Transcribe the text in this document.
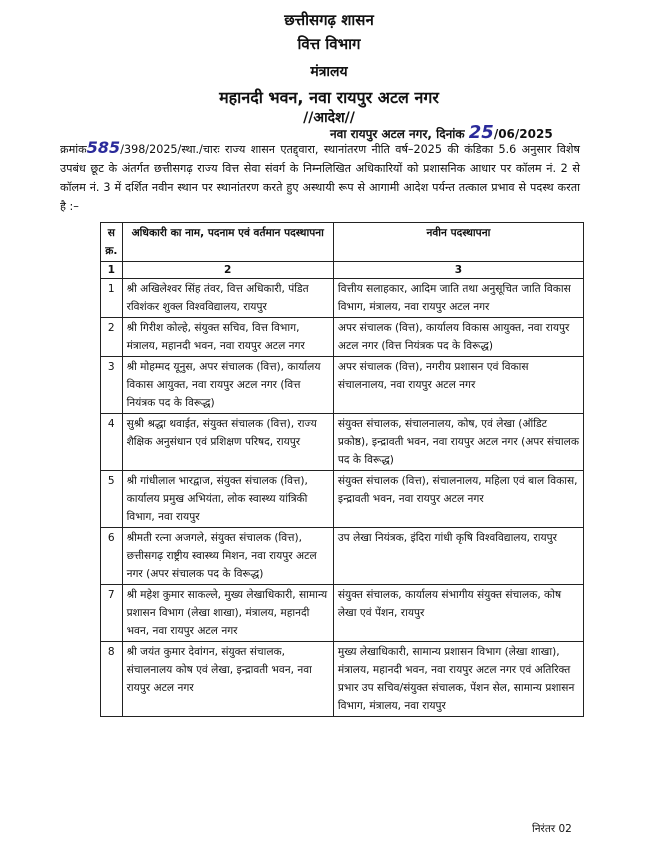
छत्तीसगढ़ शासन
वित्त विभाग
मंत्रालय
महानदी भवन, नवा रायपुर अटल नगर
//आदेश//
नवा रायपुर अटल नगर, दिनांक 25/06/2025
क्रमांक585/398/2025/स्था./चारः राज्य शासन एतद्द्वारा, स्थानांतरण नीति वर्ष–2025 की कंडिका 5.6 अनुसार विशेष उपबंध छूट के अंतर्गत छत्तीसगढ़ राज्य वित्त सेवा संवर्ग के निम्नलिखित अधिकारियों को प्रशासनिक आधार पर कॉलम नं. 2 से कॉलम नं. 3 में दर्शित नवीन स्थान पर स्थानांतरण करते हुए अस्थायी रूप से आगामी आदेश पर्यन्त तत्काल प्रभाव से पदस्थ करता है :–
स क्र.	अधिकारी का नाम, पदनाम एवं वर्तमान पदस्थापना	नवीन पदस्थापना
1	2	3
1	श्री अखिलेश्वर सिंह तंवर, वित्त अधिकारी, पंडित रविशंकर शुक्ल विश्वविद्यालय, रायपुर	वित्तीय सलाहकार, आदिम जाति तथा अनुसूचित जाति विकास विभाग, मंत्रालय, नवा रायपुर अटल नगर
2	श्री गिरीश कोल्हे, संयुक्त सचिव, वित्त विभाग, मंत्रालय, महानदी भवन, नवा रायपुर अटल नगर	अपर संचालक (वित्त), कार्यालय विकास आयुक्त, नवा रायपुर अटल नगर (वित्त नियंत्रक पद के विरूद्ध)
3	श्री मोहम्मद यूनुस, अपर संचालक (वित्त), कार्यालय विकास आयुक्त, नवा रायपुर अटल नगर (वित्त नियंत्रक पद के विरूद्ध)	अपर संचालक (वित्त), नगरीय प्रशासन एवं विकास संचालनालय, नवा रायपुर अटल नगर
4	सुश्री श्रद्धा थवाईत, संयुक्त संचालक (वित्त), राज्य शैक्षिक अनुसंधान एवं प्रशिक्षण परिषद, रायपुर	संयुक्त संचालक, संचालनालय, कोष, एवं लेखा (ऑडिट प्रकोष्ठ), इन्द्रावती भवन, नवा रायपुर अटल नगर (अपर संचालक पद के विरूद्ध)
5	श्री गांधीलाल भारद्वाज, संयुक्त संचालक (वित्त), कार्यालय प्रमुख अभियंता, लोक स्वास्थ्य यांत्रिकी विभाग, नवा रायपुर	संयुक्त संचालक (वित्त), संचालनालय, महिला एवं बाल विकास, इन्द्रावती भवन, नवा रायपुर अटल नगर
6	श्रीमती रत्ना अजगले, संयुक्त संचालक (वित्त), छत्तीसगढ़ राष्ट्रीय स्वास्थ्य मिशन, नवा रायपुर अटल नगर (अपर संचालक पद के विरूद्ध)	उप लेखा नियंत्रक, इंदिरा गांधी कृषि विश्वविद्यालय, रायपुर
7	श्री महेश कुमार साकल्ले, मुख्य लेखाधिकारी, सामान्य प्रशासन विभाग (लेखा शाखा), मंत्रालय, महानदी भवन, नवा रायपुर अटल नगर	संयुक्त संचालक, कार्यालय संभागीय संयुक्त संचालक, कोष लेखा एवं पेंशन, रायपुर
8	श्री जयंत कुमार देवांगन, संयुक्त संचालक, संचालनालय कोष एवं लेखा, इन्द्रावती भवन, नवा रायपुर अटल नगर	मुख्य लेखाधिकारी, सामान्य प्रशासन विभाग (लेखा शाखा), मंत्रालय, महानदी भवन, नवा रायपुर अटल नगर एवं अतिरिक्त प्रभार उप सचिव/संयुक्त संचालक, पेंशन सेल, सामान्य प्रशासन विभाग, मंत्रालय, नवा रायपुर
निरंतर 02
